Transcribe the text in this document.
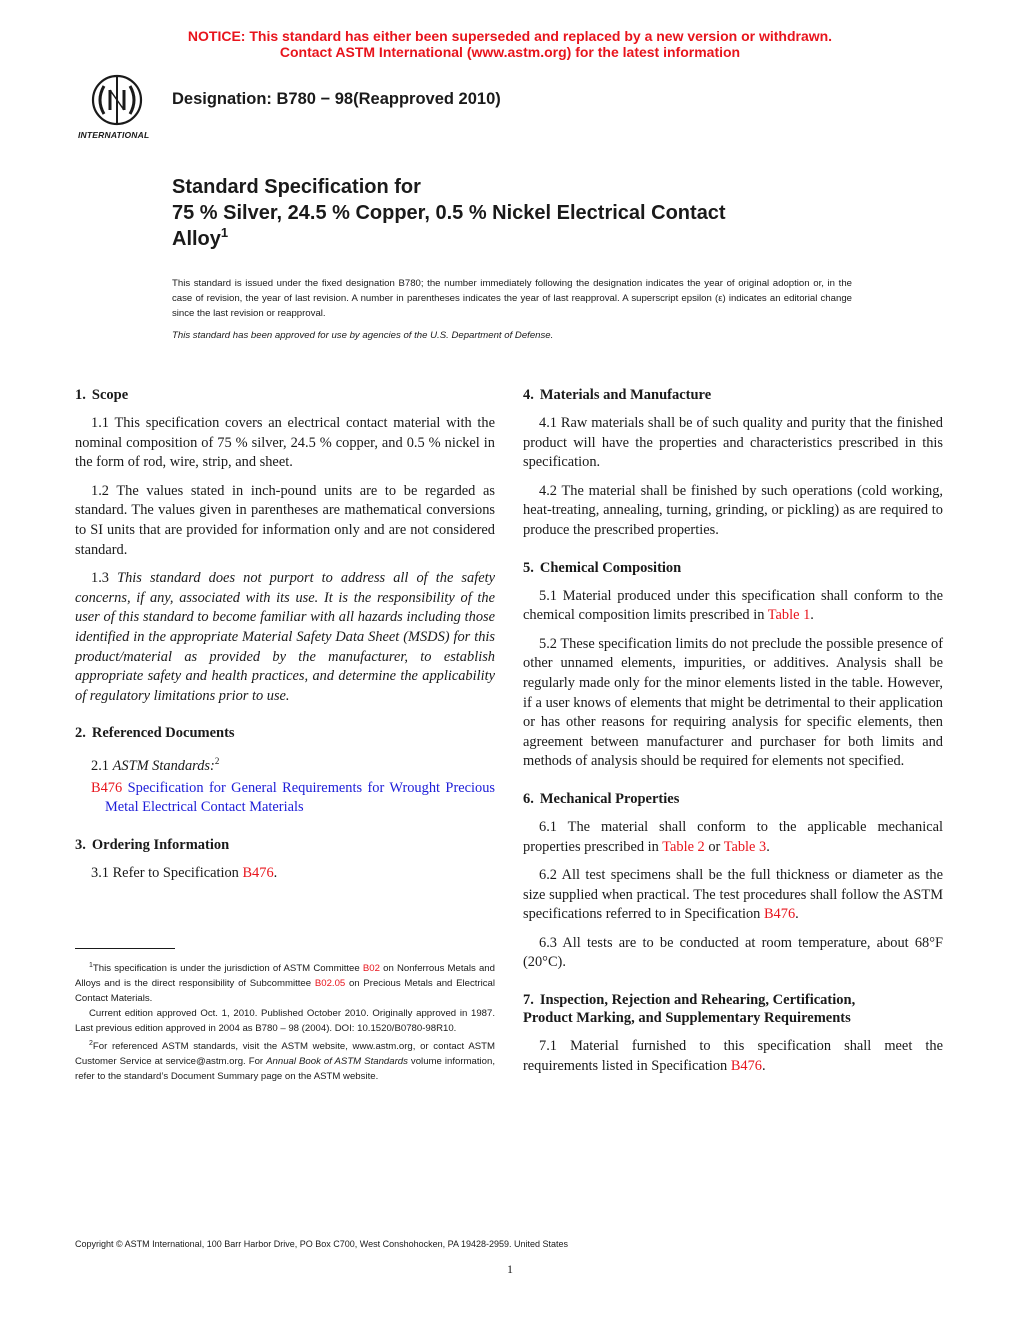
NOTICE: This standard has either been superseded and replaced by a new version or withdrawn.
Contact ASTM International (www.astm.org) for the latest information
INTERNATIONAL
Designation: B780 − 98(Reapproved 2010)
Standard Specification for
75 % Silver, 24.5 % Copper, 0.5 % Nickel Electrical Contact
Alloy$^1$
This standard is issued under the fixed designation B780; the number immediately following the designation indicates the year of original adoption or, in the case of revision, the year of last revision. A number in parentheses indicates the year of last reapproval. A superscript epsilon (ε) indicates an editorial change since the last revision or reapproval.
This standard has been approved for use by agencies of the U.S. Department of Defense.
1. Scope

1.1 This specification covers an electrical contact material with the nominal composition of 75 % silver, 24.5 % copper, and 0.5 % nickel in the form of rod, wire, strip, and sheet.

1.2 The values stated in inch-pound units are to be regarded as standard. The values given in parentheses are mathematical conversions to SI units that are provided for information only and are not considered standard.

1.3 This standard does not purport to address all of the safety concerns, if any, associated with its use. It is the responsibility of the user of this standard to become familiar with all hazards including those identified in the appropriate Material Safety Data Sheet (MSDS) for this product/material as provided by the manufacturer, to establish appropriate safety and health practices, and determine the applicability of regulatory limitations prior to use.

2. Referenced Documents

2.1 ASTM Standards:$^2$

B476 Specification for General Requirements for Wrought Precious Metal Electrical Contact Materials

3. Ordering Information

3.1 Refer to Specification B476.

4. Materials and Manufacture

4.1 Raw materials shall be of such quality and purity that the finished product will have the properties and characteristics prescribed in this specification.

4.2 The material shall be finished by such operations (cold working, heat-treating, annealing, turning, grinding, or pickling) as are required to produce the prescribed properties.

5. Chemical Composition

5.1 Material produced under this specification shall conform to the chemical composition limits prescribed in Table 1.

5.2 These specification limits do not preclude the possible presence of other unnamed elements, impurities, or additives. Analysis shall be regularly made only for the minor elements listed in the table. However, if a user knows of elements that might be detrimental to their application or has other reasons for requiring analysis for specific elements, then agreement between manufacturer and purchaser for both limits and methods of analysis should be required for elements not specified.

6. Mechanical Properties

6.1 The material shall conform to the applicable mechanical properties prescribed in Table 2 or Table 3.

6.2 All test specimens shall be the full thickness or diameter as the size supplied when practical. The test procedures shall follow the ASTM specifications referred to in Specification B476.

6.3 All tests are to be conducted at room temperature, about 68°F (20°C).

7. Inspection, Rejection and Rehearing, Certification,
Product Marking, and Supplementary Requirements

7.1 Material furnished to this specification shall meet the requirements listed in Specification B476.

$^1$This specification is under the jurisdiction of ASTM Committee B02 on Nonferrous Metals and Alloys and is the direct responsibility of Subcommittee B02.05 on Precious Metals and Electrical Contact Materials.

Current edition approved Oct. 1, 2010. Published October 2010. Originally approved in 1987. Last previous edition approved in 2004 as B780 – 98 (2004). DOI: 10.1520/B0780-98R10.

$^2$For referenced ASTM standards, visit the ASTM website, www.astm.org, or contact ASTM Customer Service at service@astm.org. For Annual Book of ASTM Standards volume information, refer to the standard’s Document Summary page on the ASTM website.

Copyright © ASTM International, 100 Barr Harbor Drive, PO Box C700, West Conshohocken, PA 19428-2959. United States
1
